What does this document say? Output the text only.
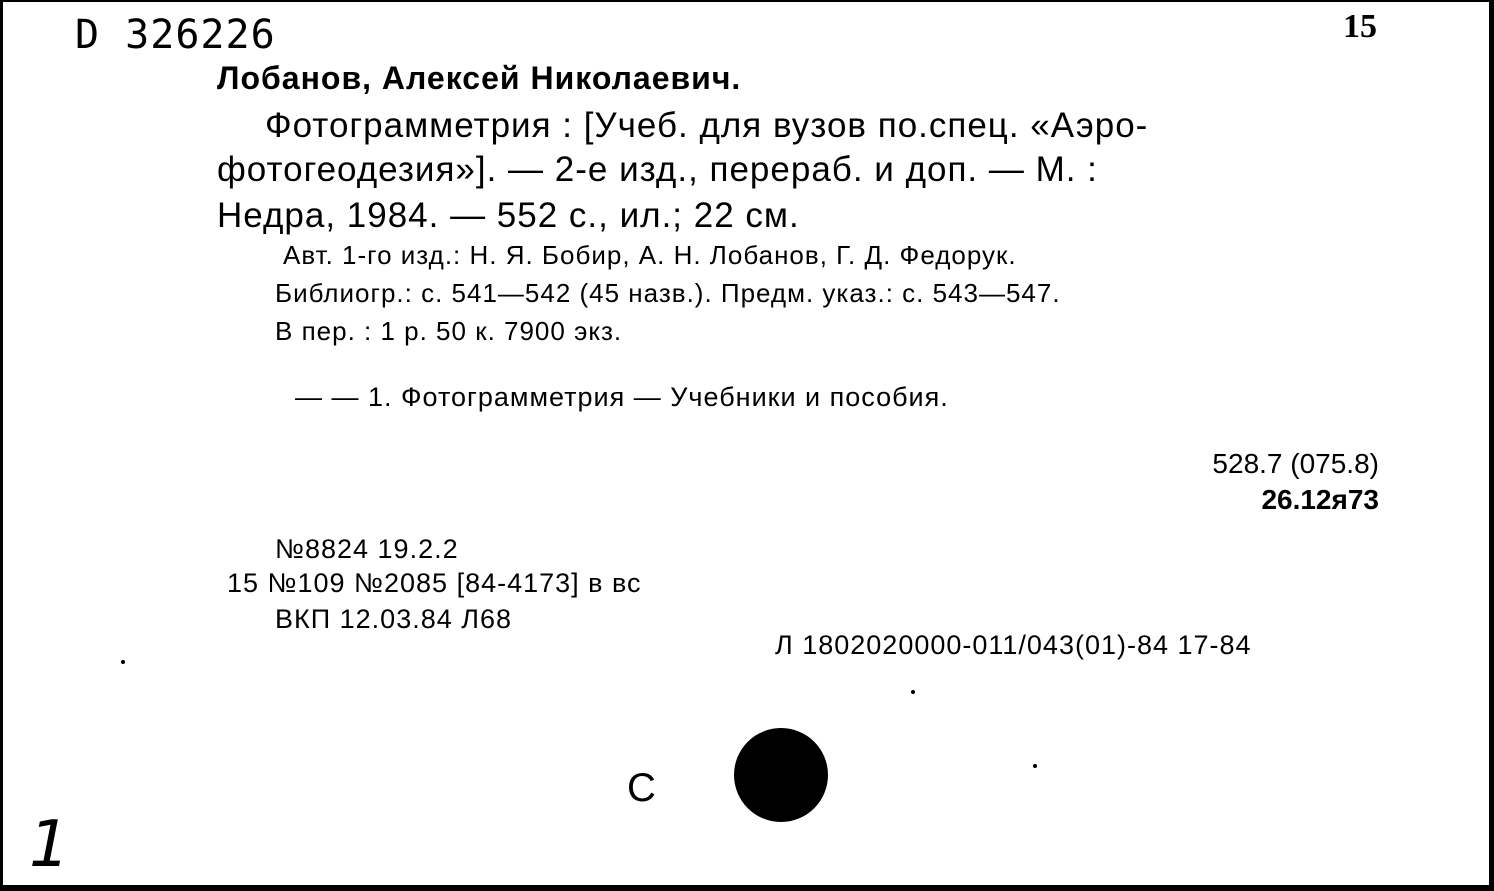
D 326226	15
Лобанов, Алексей Николаевич.
Фотограмметрия : [Учеб. для вузов по.спец. «Аэро-
фотогеодезия»]. — 2-е изд., перераб. и доп. — М. :
Недра, 1984. — 552 с., ил.; 22 см.
Авт. 1-го изд.: Н. Я. Бобир, А. Н. Лобанов, Г. Д. Федорук.
Библиогр.: с. 541—542 (45 назв.). Предм. указ.: с. 543—547.
В пер. : 1 р. 50 к. 7900 экз.
— — 1. Фотограмметрия — Учебники и пособия.
528.7 (075.8)
26.12я73
№8824 19.2.2
15 №109 №2085 [84-4173] в вс
ВКП 12.03.84 Л68
Л 1802020000-011/043(01)-84 17-84
C
1
